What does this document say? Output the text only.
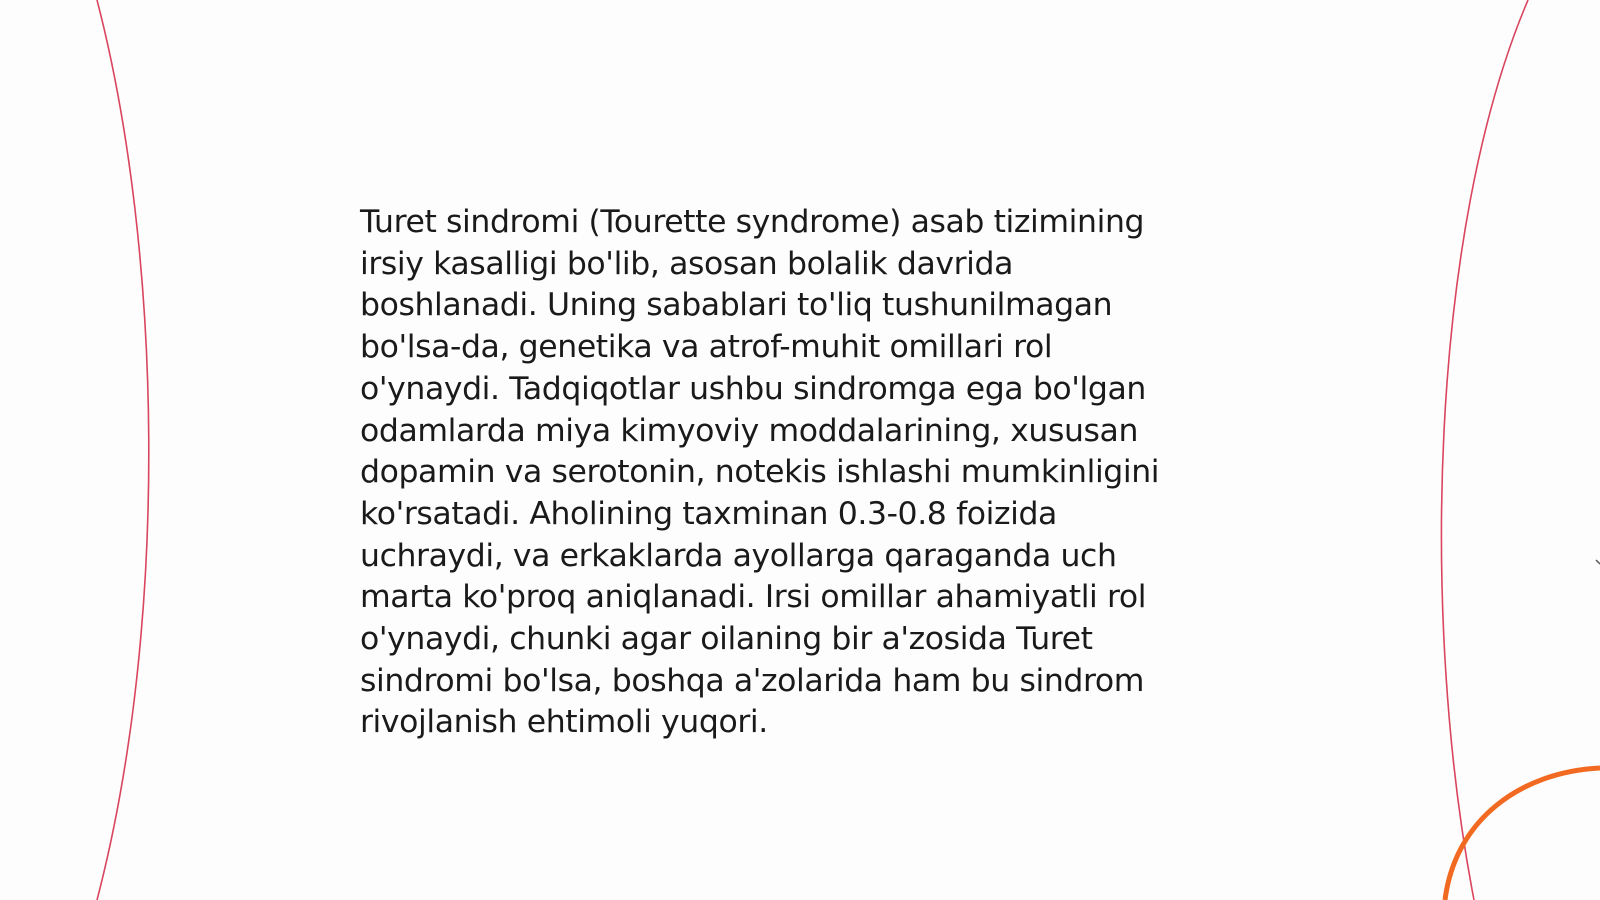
Turet sindromi (Tourette syndrome) asab tizimining
irsiy kasalligi bo'lib, asosan bolalik davrida
boshlanadi. Uning sabablari to'liq tushunilmagan
bo'lsa-da, genetika va atrof-muhit omillari rol
o'ynaydi. Tadqiqotlar ushbu sindromga ega bo'lgan
odamlarda miya kimyoviy moddalarining, xususan
dopamin va serotonin, notekis ishlashi mumkinligini
ko'rsatadi. Aholining taxminan 0.3-0.8 foizida
uchraydi, va erkaklarda ayollarga qaraganda uch
marta ko'proq aniqlanadi. Irsi omillar ahamiyatli rol
o'ynaydi, chunki agar oilaning bir a'zosida Turet
sindromi bo'lsa, boshqa a'zolarida ham bu sindrom
rivojlanish ehtimoli yuqori.
